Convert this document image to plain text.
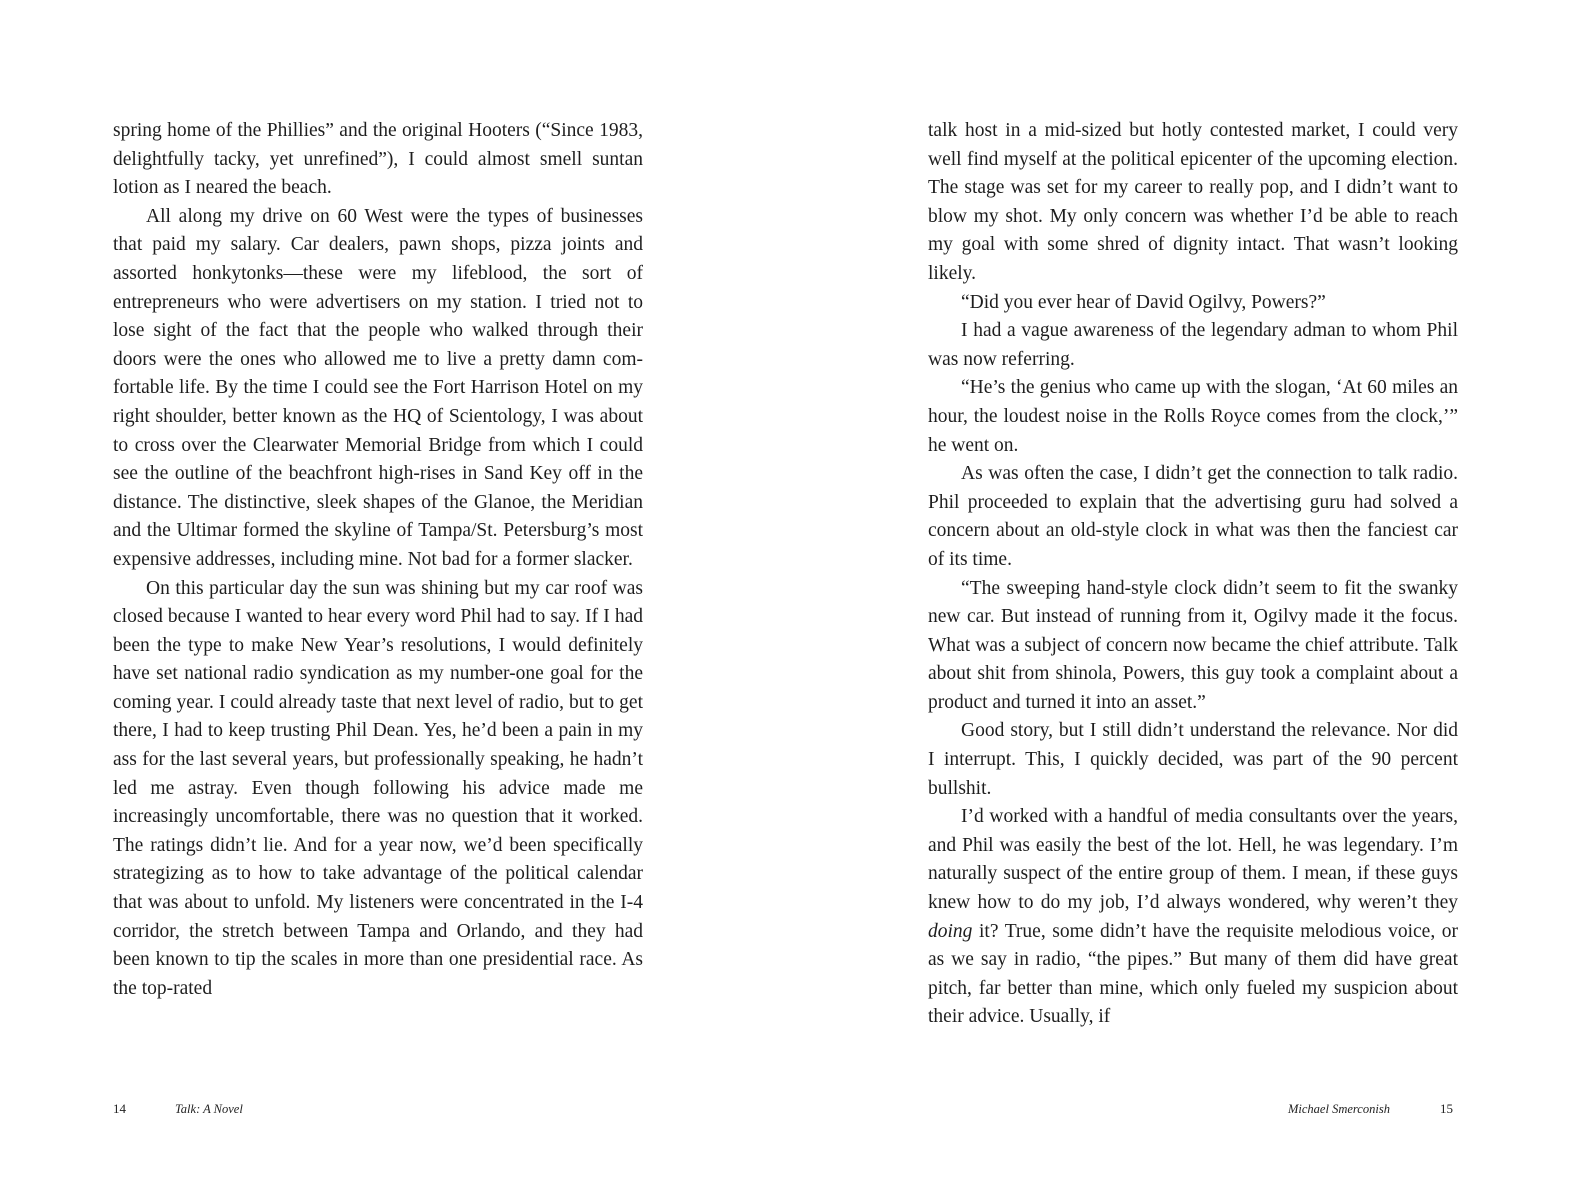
spring home of the Phillies” and the original Hooters (“Since 1983, delightfully tacky, yet unrefined”), I could almost smell suntan lotion as I neared the beach.

All along my drive on 60 West were the types of businesses that paid my salary. Car dealers, pawn shops, pizza joints and assorted honkytonks—these were my lifeblood, the sort of entrepreneurs who were advertisers on my station. I tried not to lose sight of the fact that the people who walked through their doors were the ones who allowed me to live a pretty damn comfortable life. By the time I could see the Fort Harrison Hotel on my right shoulder, better known as the HQ of Scientology, I was about to cross over the Clearwater Memorial Bridge from which I could see the outline of the beachfront high-rises in Sand Key off in the distance. The distinctive, sleek shapes of the Glanoe, the Meridian and the Ultimar formed the skyline of Tampa/St. Petersburg’s most expensive addresses, including mine. Not bad for a former slacker.

On this particular day the sun was shining but my car roof was closed because I wanted to hear every word Phil had to say. If I had been the type to make New Year’s resolutions, I would definitely have set national radio syndication as my number-one goal for the coming year. I could already taste that next level of radio, but to get there, I had to keep trusting Phil Dean. Yes, he’d been a pain in my ass for the last several years, but professionally speaking, he hadn’t led me astray. Even though following his advice made me increasingly uncomfortable, there was no question that it worked. The ratings didn’t lie. And for a year now, we’d been specifically strategizing as to how to take advantage of the political calendar that was about to unfold. My listeners were concentrated in the I-4 corridor, the stretch between Tampa and Orlando, and they had been known to tip the scales in more than one presidential race. As the top-rated

14	Talk: A Novel

talk host in a mid-sized but hotly contested market, I could very well find myself at the political epicenter of the upcoming election. The stage was set for my career to really pop, and I didn’t want to blow my shot. My only concern was whether I’d be able to reach my goal with some shred of dignity intact. That wasn’t looking likely.

“Did you ever hear of David Ogilvy, Powers?”

I had a vague awareness of the legendary adman to whom Phil was now referring.

“He’s the genius who came up with the slogan, ‘At 60 miles an hour, the loudest noise in the Rolls Royce comes from the clock,’” he went on.

As was often the case, I didn’t get the connection to talk radio. Phil proceeded to explain that the advertising guru had solved a concern about an old-style clock in what was then the fanciest car of its time.

“The sweeping hand-style clock didn’t seem to fit the swanky new car. But instead of running from it, Ogilvy made it the focus. What was a subject of concern now became the chief attribute. Talk about shit from shinola, Powers, this guy took a complaint about a product and turned it into an asset.”

Good story, but I still didn’t understand the relevance. Nor did I interrupt. This, I quickly decided, was part of the 90 percent bullshit.

I’d worked with a handful of media consultants over the years, and Phil was easily the best of the lot. Hell, he was legendary. I’m naturally suspect of the entire group of them. I mean, if these guys knew how to do my job, I’d always wondered, why weren’t they doing it? True, some didn’t have the requisite melodious voice, or as we say in radio, “the pipes.” But many of them did have great pitch, far better than mine, which only fueled my suspicion about their advice. Usually, if

Michael Smerconish	15
